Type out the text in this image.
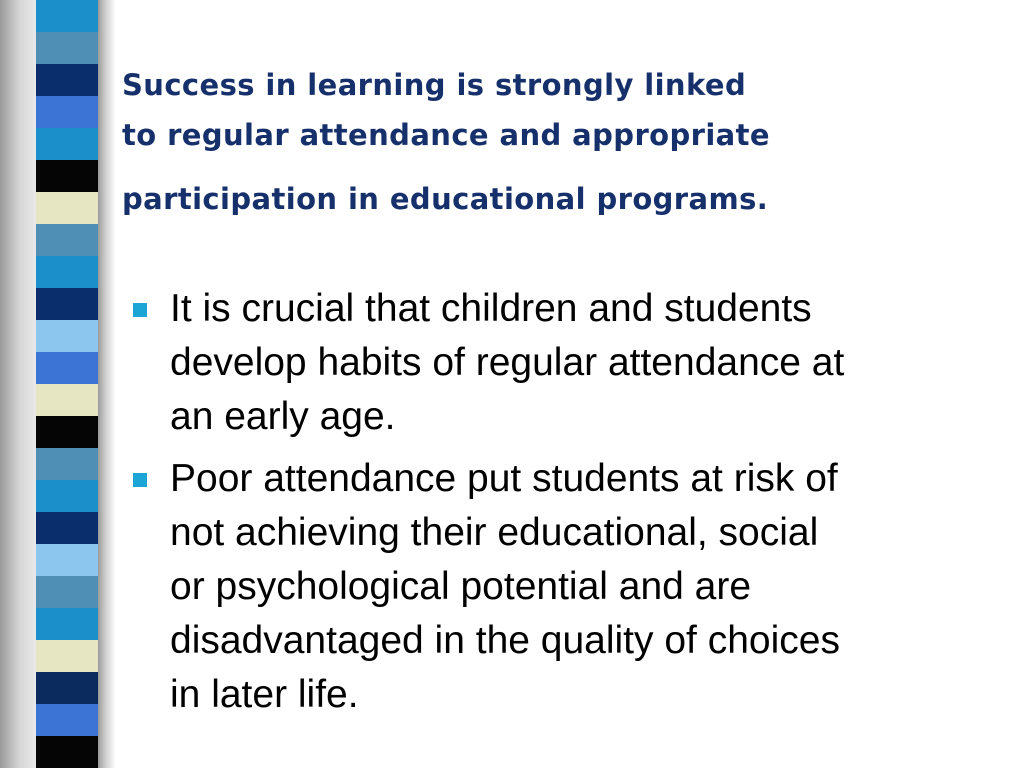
Success in learning is strongly linked
to regular attendance and appropriate
participation in educational programs.
It is crucial that children and students
develop habits of regular attendance at
an early age.
Poor attendance put students at risk of
not achieving their educational, social
or psychological potential and are
disadvantaged in the quality of choices
in later life.
